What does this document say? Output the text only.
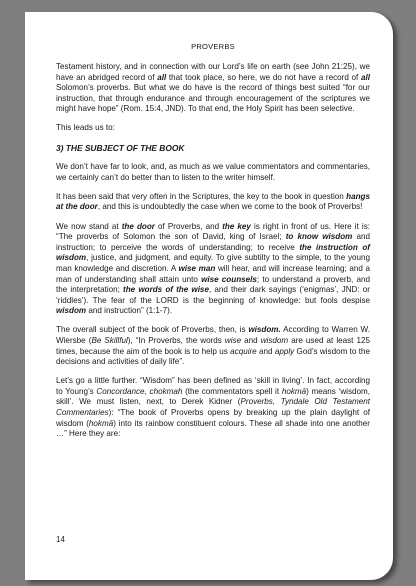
PROVERBS

Testament history, and in connection with our Lord’s life on earth (see John 21:25), we have an abridged record of all that took place, so here, we do not have a record of all Solomon’s proverbs. But what we do have is the record of things best suited “for our instruction, that through endurance and through encouragement of the scriptures we might have hope” (Rom. 15:4, JND). To that end, the Holy Spirit has been selective.

This leads us to:

3) THE SUBJECT OF THE BOOK

We don’t have far to look, and, as much as we value commentators and commentaries, we certainly can’t do better than to listen to the writer himself.

It has been said that very often in the Scriptures, the key to the book in question hangs at the door, and this is undoubtedly the case when we come to the book of Proverbs!

We now stand at the door of Proverbs, and the key is right in front of us. Here it is: “The proverbs of Solomon the son of David, king of Israel; to know wisdom and instruction; to perceive the words of understanding; to receive the instruction of wisdom, justice, and judgment, and equity. To give subtilty to the simple, to the young man knowledge and discretion. A wise man will hear, and will increase learning; and a man of understanding shall attain unto wise counsels; to understand a proverb, and the interpretation; the words of the wise, and their dark sayings (‘enigmas’, JND: or ‘riddles’). The fear of the LORD is the beginning of knowledge: but fools despise wisdom and instruction” (1:1-7).

The overall subject of the book of Proverbs, then, is wisdom. According to Warren W. Wiersbe (Be Skillful), “In Proverbs, the words wise and wisdom are used at least 125 times, because the aim of the book is to help us acquire and apply God’s wisdom to the decisions and activities of daily life”.

Let’s go a little further. “Wisdom” has been defined as ‘skill in living’. In fact, according to Young’s Concordance, chokmah (the commentators spell it hokmā) means ‘wisdom, skill’. We must listen, next, to Derek Kidner (Proverbs, Tyndale Old Testament Commentaries): “The book of Proverbs opens by breaking up the plain daylight of wisdom (hokmā) into its rainbow constituent colours. These all shade into one another …” Here they are:

14
